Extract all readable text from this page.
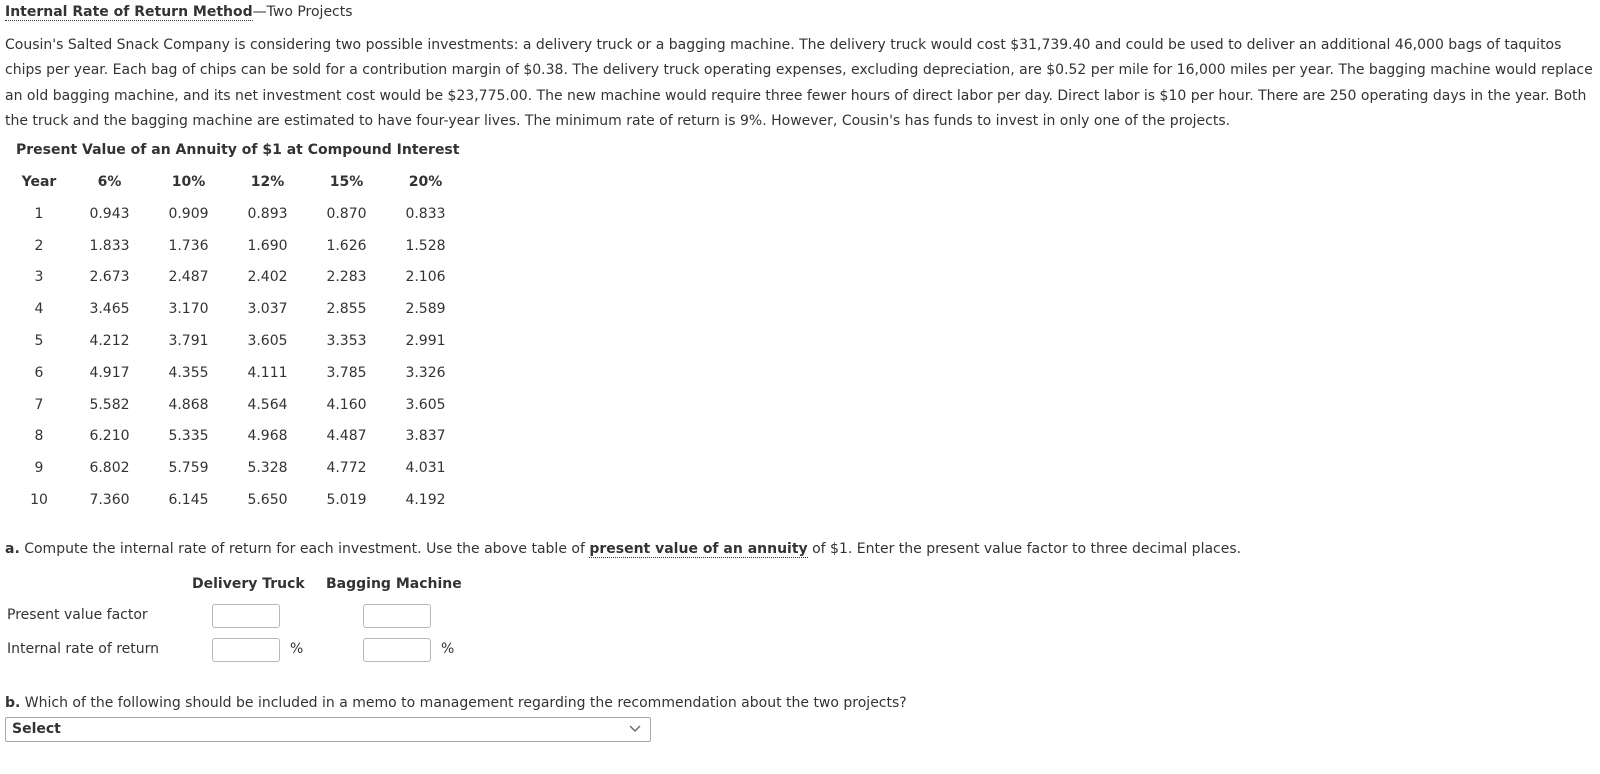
Internal Rate of Return Method—Two Projects
Cousin's Salted Snack Company is considering two possible investments: a delivery truck or a bagging machine. The delivery truck would cost $31,739.40 and could be used to deliver an additional 46,000 bags of taquitos chips per year. Each bag of chips can be sold for a contribution margin of $0.38. The delivery truck operating expenses, excluding depreciation, are $0.52 per mile for 16,000 miles per year. The bagging machine would replace an old bagging machine, and its net investment cost would be $23,775.00. The new machine would require three fewer hours of direct labor per day. Direct labor is $10 per hour. There are 250 operating days in the year. Both the truck and the bagging machine are estimated to have four-year lives. The minimum rate of return is 9%. However, Cousin's has funds to invest in only one of the projects.
Present Value of an Annuity of $1 at Compound Interest
Year	6%	10%	12%	15%	20%
1	0.943	0.909	0.893	0.870	0.833
2	1.833	1.736	1.690	1.626	1.528
3	2.673	2.487	2.402	2.283	2.106
4	3.465	3.170	3.037	2.855	2.589
5	4.212	3.791	3.605	3.353	2.991
6	4.917	4.355	4.111	3.785	3.326
7	5.582	4.868	4.564	4.160	3.605
8	6.210	5.335	4.968	4.487	3.837
9	6.802	5.759	5.328	4.772	4.031
10	7.360	6.145	5.650	5.019	4.192
a. Compute the internal rate of return for each investment. Use the above table of present value of an annuity of $1. Enter the present value factor to three decimal places.
Delivery Truck Bagging Machine
Present value factor
Internal rate of return	%	%
b. Which of the following should be included in a memo to management regarding the recommendation about the two projects?
Select
